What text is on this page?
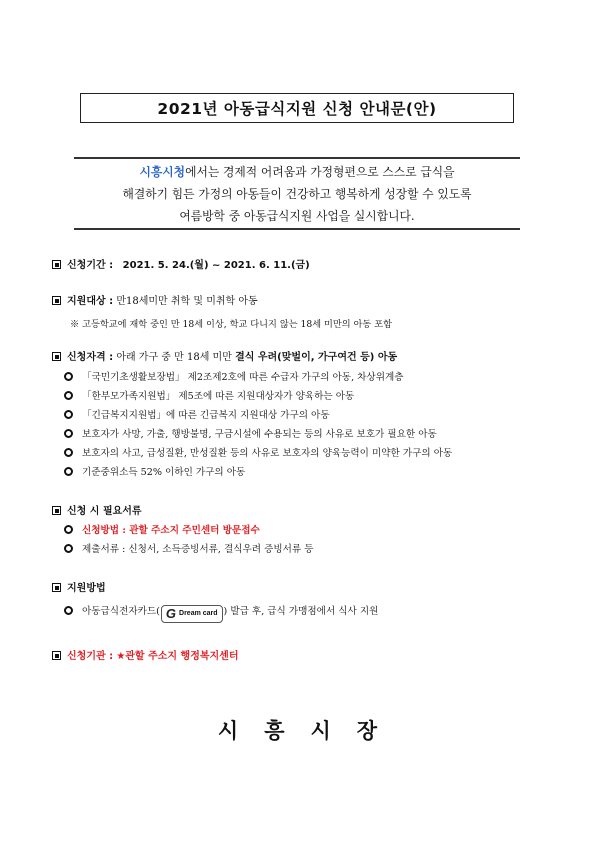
2021년 아동급식지원 신청 안내문(안)
시흥시청에서는 경제적 어려움과 가정형편으로 스스로 급식을
해결하기 힘든 가정의 아동들이 건강하고 행복하게 성장할 수 있도록
여름방학 중 아동급식지원 사업을 실시합니다.
신청기간 : 2021. 5. 24.(월) ~ 2021. 6. 11.(금)
지원대상 : 만18세미만 취학 및 미취학 아동
※ 고등학교에 재학 중인 만 18세 이상, 학교 다니지 않는 18세 미만의 아동 포함
신청자격 : 아래 가구 중 만 18세 미만 결식 우려(맞벌이, 가구여건 등) 아동
「국민기초생활보장법」 제2조제2호에 따른 수급자 가구의 아동, 차상위계층
「한부모가족지원법」 제5조에 따른 지원대상자가 양육하는 아동
「긴급복지지원법」에 따른 긴급복지 지원대상 가구의 아동
보호자가 사망, 가출, 행방불명, 구금시설에 수용되는 등의 사유로 보호가 필요한 아동
보호자의 사고, 급성질환, 만성질환 등의 사유로 보호자의 양육능력이 미약한 가구의 아동
기준중위소득 52% 이하인 가구의 아동
신청 시 필요서류
신청방법 : 관할 주소지 주민센터 방문접수
제출서류 : 신청서, 소득증빙서류, 결식우려 증빙서류 등
지원방법
아동급식전자카드( G Dream card ) 발급 후, 급식 가맹점에서 식사 지원
신청기관 : ★관할 주소지 행정복지센터
시흥시장
